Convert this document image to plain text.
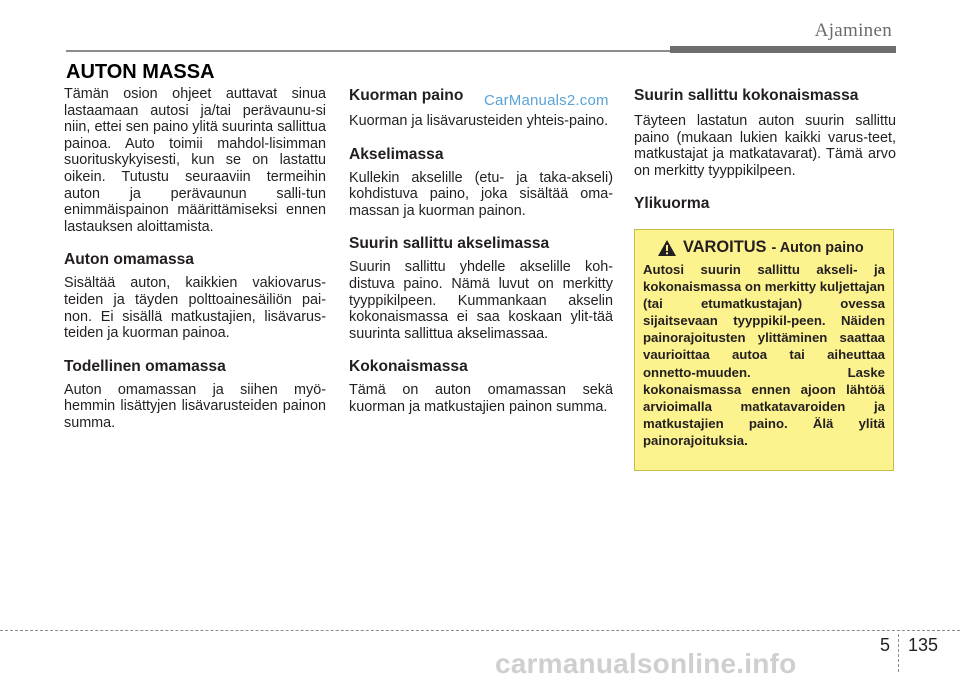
Ajaminen
AUTON MASSA
CarManuals2.com

Tämän osion ohjeet auttavat sinua lastaamaan autosi ja/tai perävaunu-si niin, ettei sen paino ylitä suurinta sallittua painoa. Auto toimii mahdol-lisimman suorituskykyisesti, kun se on lastattu oikein. Tutustu seuraaviin termeihin auton ja perävaunun salli-tun enimmäispainon määrittämiseksi ennen lastauksen aloittamista.

Auton omamassa

Sisältää auton, kaikkien vakiovarus-teiden ja täyden polttoainesäiliön pai-non. Ei sisällä matkustajien, lisävarus-teiden ja kuorman painoa.

Todellinen omamassa

Auton omamassan ja siihen myö-hemmin lisättyjen lisävarusteiden painon summa.

Kuorman paino

Kuorman ja lisävarusteiden yhteis-paino.

Akselimassa

Kullekin akselille (etu- ja taka-akseli) kohdistuva paino, joka sisältää oma-massan ja kuorman painon.

Suurin sallittu akselimassa

Suurin sallittu yhdelle akselille koh-distuva paino. Nämä luvut on merkitty tyyppikilpeen. Kummankaan akselin kokonaismassa ei saa koskaan ylit-tää suurinta sallittua akselimassaa.

Kokonaismassa

Tämä on auton omamassan sekä kuorman ja matkustajien painon summa.

Suurin sallittu kokonaismassa

Täyteen lastatun auton suurin sallittu paino (mukaan lukien kaikki varus-teet, matkustajat ja matkatavarat). Tämä arvo on merkitty tyyppikilpeen.

Ylikuorma
VAROITUS - Auton paino

Autosi suurin sallittu akseli- ja kokonaismassa on merkitty kuljettajan (tai etumatkustajan) ovessa sijaitsevaan tyyppikil-peen. Näiden painorajoitusten ylittäminen saattaa vaurioittaa autoa tai aiheuttaa onnetto-muuden. Laske kokonaismassa ennen ajoon lähtöä arvioimalla matkatavaroiden ja matkustajien paino. Älä ylitä painorajoituksia.

5 135
carmanualsonline.info
